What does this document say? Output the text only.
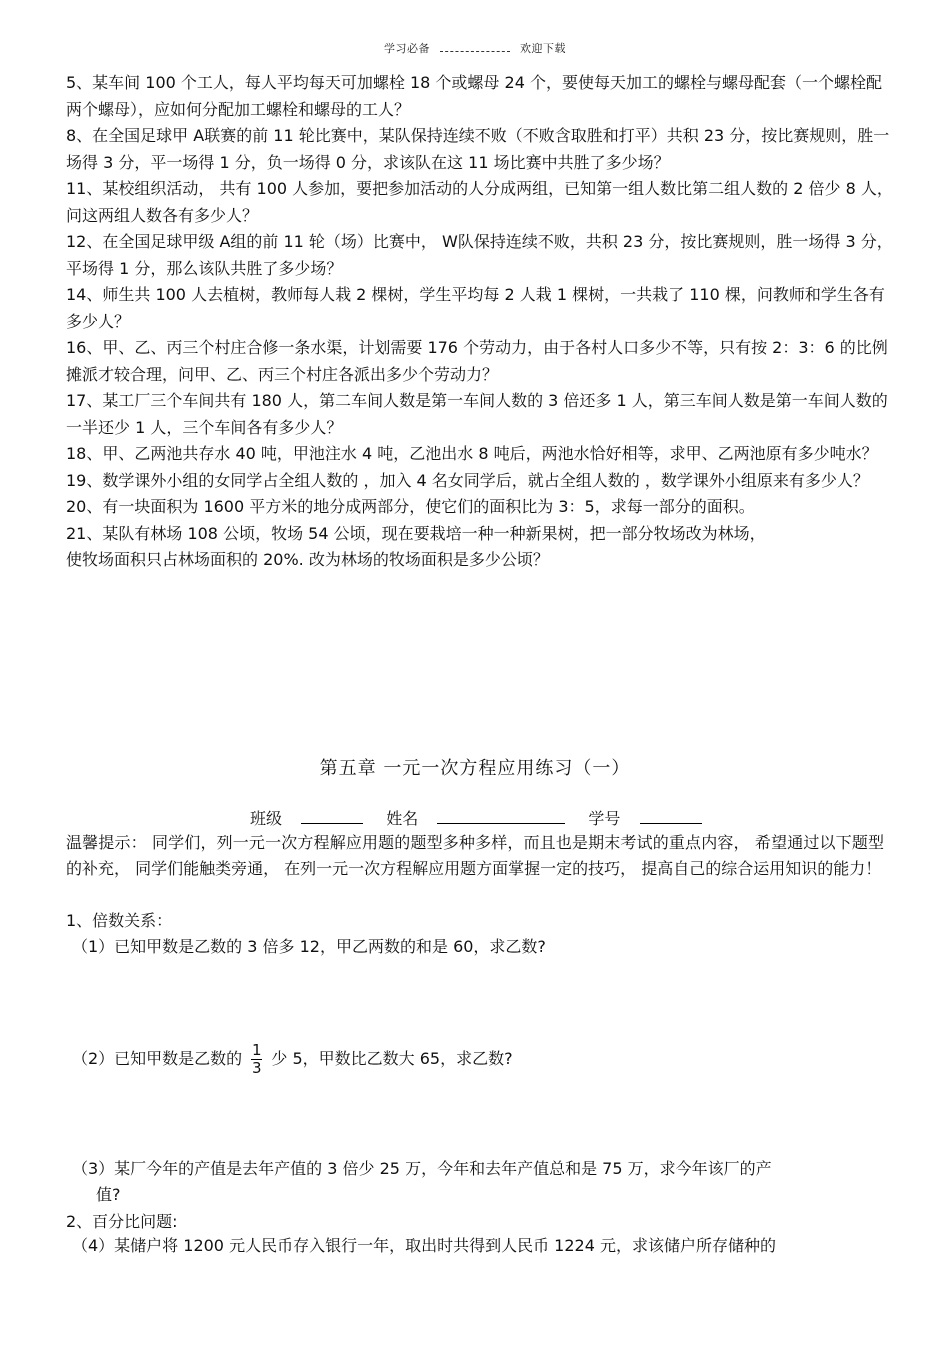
学习必备	欢迎下载

5、某车间 100 个工人，每人平均每天可加螺栓 18 个或螺母 24 个，要使每天加工的螺栓与螺母配套（一个螺栓配两个螺母），应如何分配加工螺栓和螺母的工人？

8、在全国足球甲 A联赛的前 11 轮比赛中，某队保持连续不败（不败含取胜和打平）共积 23 分，按比赛规则，胜一场得 3 分，平一场得 1 分，负一场得 0 分，求该队在这 11 场比赛中共胜了多少场？

11、某校组织活动， 共有 100 人参加，要把参加活动的人分成两组，已知第一组人数比第二组人数的 2 倍少 8 人，问这两组人数各有多少人？

12、在全国足球甲级 A组的前 11 轮（场）比赛中， W队保持连续不败，共积 23 分，按比赛规则，胜一场得 3 分，平场得 1 分，那么该队共胜了多少场？

14、师生共 100 人去植树，教师每人栽 2 棵树，学生平均每 2 人栽 1 棵树，一共栽了 110 棵，问教师和学生各有多少人？

16、甲、乙、丙三个村庄合修一条水渠，计划需要 176 个劳动力，由于各村人口多少不等，只有按 2：3：6 的比例摊派才较合理，问甲、乙、丙三个村庄各派出多少个劳动力？

17、某工厂三个车间共有 180 人，第二车间人数是第一车间人数的 3 倍还多 1 人，第三车间人数是第一车间人数的一半还少 1 人，三个车间各有多少人？

18、甲、乙两池共存水 40 吨，甲池注水 4 吨，乙池出水 8 吨后，两池水恰好相等，求甲、乙两池原有多少吨水？

19、数学课外小组的女同学占全组人数的 ，加入 4 名女同学后，就占全组人数的 ，数学课外小组原来有多少人？

20、有一块面积为 1600 平方米的地分成两部分，使它们的面积比为 3：5，求每一部分的面积。

21、某队有林场 108 公顷，牧场 54 公顷，现在要栽培一种一种新果树，把一部分牧场改为林场，

使牧场面积只占林场面积的 20%. 改为林场的牧场面积是多少公顷？

第五章 一元一次方程应用练习（一）
班级	姓名	学号
温馨提示： 同学们，列一元一次方程解应用题的题型多种多样，而且也是期末考试的重点内容， 希望通过以下题型的补充， 同学们能触类旁通， 在列一元一次方程解应用题方面掌握一定的技巧， 提高自己的综合运用知识的能力！
1、倍数关系：
（1）已知甲数是乙数的 3 倍多 12，甲乙两数的和是 60，求乙数?
（2）已知甲数是乙数的 $\frac{1}{3}$ 少 5，甲数比乙数大 65，求乙数?
（3）某厂今年的产值是去年产值的 3 倍少 25 万，今年和去年产值总和是 75 万，求今年该厂的产
值?
2、百分比问题:
（4）某储户将 1200 元人民币存入银行一年，取出时共得到人民币 1224 元，求该储户所存储种的
